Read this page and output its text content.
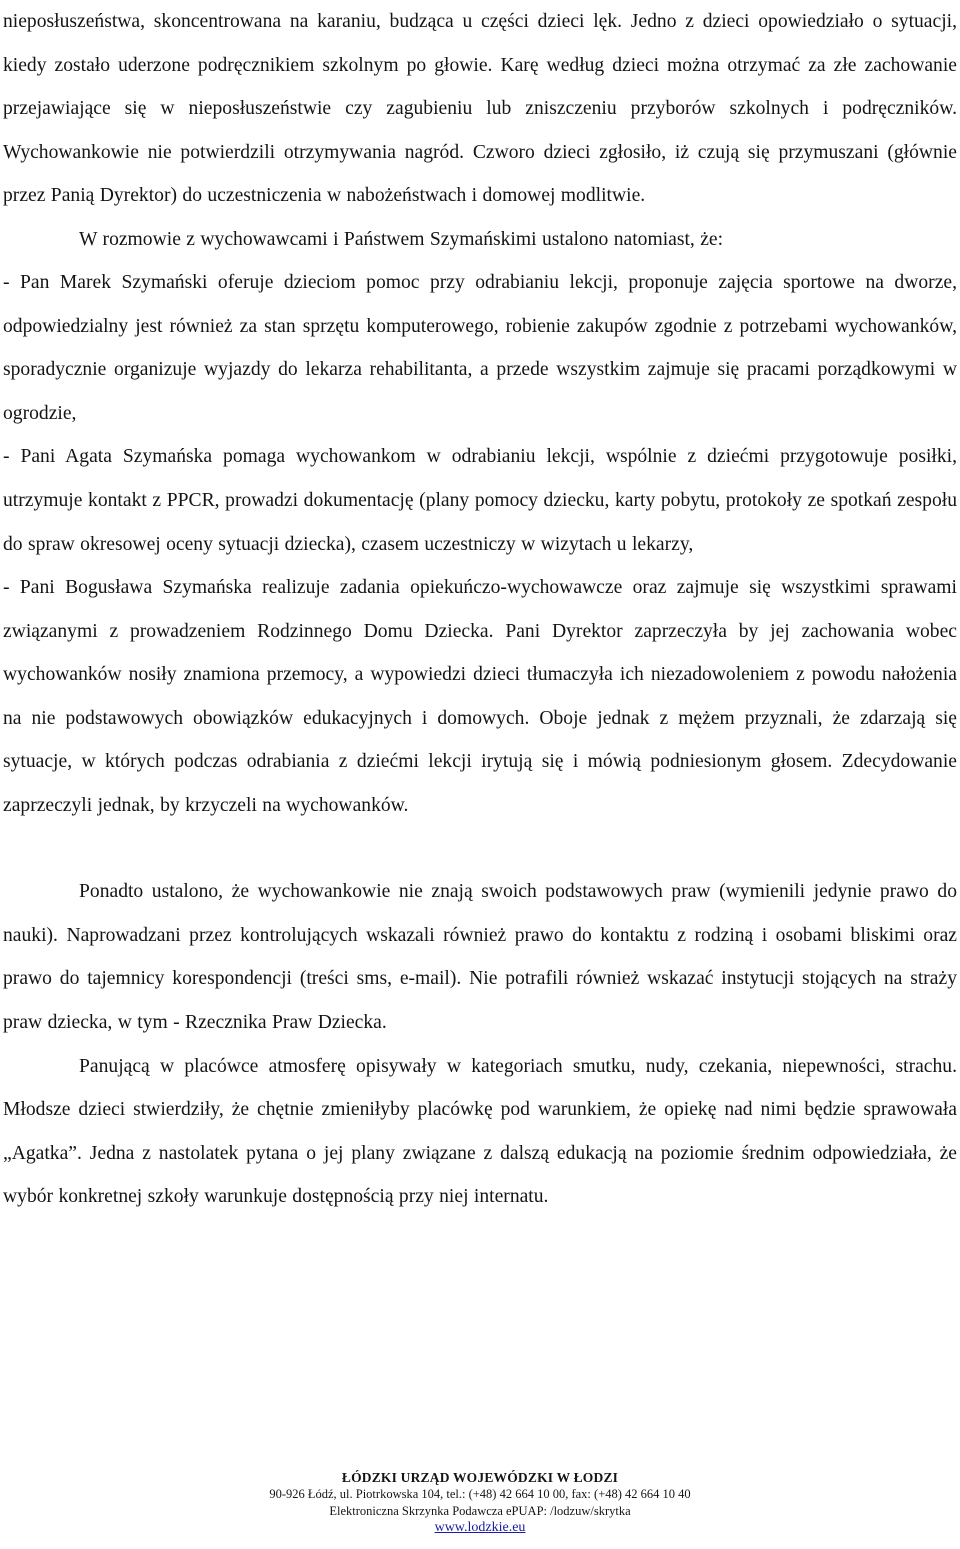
nieposłuszeństwa, skoncentrowana na karaniu, budząca u części dzieci lęk. Jedno z dzieci opowiedziało o sytuacji, kiedy zostało uderzone podręcznikiem szkolnym po głowie. Karę według dzieci można otrzymać za złe zachowanie przejawiające się w nieposłuszeństwie czy zagubieniu lub zniszczeniu przyborów szkolnych i podręczników. Wychowankowie nie potwierdzili otrzymywania nagród. Czworo dzieci zgłosiło, iż czują się przymuszani (głównie przez Panią Dyrektor) do uczestniczenia w nabożeństwach i domowej modlitwie.

W rozmowie z wychowawcami i Państwem Szymańskimi ustalono natomiast, że:

- Pan Marek Szymański oferuje dzieciom pomoc przy odrabianiu lekcji, proponuje zajęcia sportowe na dworze, odpowiedzialny jest również za stan sprzętu komputerowego, robienie zakupów zgodnie z potrzebami wychowanków, sporadycznie organizuje wyjazdy do lekarza rehabilitanta, a przede wszystkim zajmuje się pracami porządkowymi w ogrodzie,

- Pani Agata Szymańska pomaga wychowankom w odrabianiu lekcji, wspólnie z dziećmi przygotowuje posiłki, utrzymuje kontakt z PPCR, prowadzi dokumentację (plany pomocy dziecku, karty pobytu, protokoły ze spotkań zespołu do spraw okresowej oceny sytuacji dziecka), czasem uczestniczy w wizytach u lekarzy,

- Pani Bogusława Szymańska realizuje zadania opiekuńczo-wychowawcze oraz zajmuje się wszystkimi sprawami związanymi z prowadzeniem Rodzinnego Domu Dziecka. Pani Dyrektor zaprzeczyła by jej zachowania wobec wychowanków nosiły znamiona przemocy, a wypowiedzi dzieci tłumaczyła ich niezadowoleniem z powodu nałożenia na nie podstawowych obowiązków edukacyjnych i domowych. Oboje jednak z mężem przyznali, że zdarzają się sytuacje, w których podczas odrabiania z dziećmi lekcji irytują się i mówią podniesionym głosem. Zdecydowanie zaprzeczyli jednak, by krzyczeli na wychowanków.

Ponadto ustalono, że wychowankowie nie znają swoich podstawowych praw (wymienili jedynie prawo do nauki). Naprowadzani przez kontrolujących wskazali również prawo do kontaktu z rodziną i osobami bliskimi oraz prawo do tajemnicy korespondencji (treści sms, e-mail). Nie potrafili również wskazać instytucji stojących na straży praw dziecka, w tym - Rzecznika Praw Dziecka.

Panującą w placówce atmosferę opisywały w kategoriach smutku, nudy, czekania, niepewności, strachu. Młodsze dzieci stwierdziły, że chętnie zmieniłyby placówkę pod warunkiem, że opiekę nad nimi będzie sprawowała „Agatka”. Jedna z nastolatek pytana o jej plany związane z dalszą edukacją na poziomie średnim odpowiedziała, że wybór konkretnej szkoły warunkuje dostępnością przy niej internatu.

ŁÓDZKI URZĄD WOJEWÓDZKI W ŁODZI
90-926 Łódź, ul. Piotrkowska 104, tel.: (+48) 42 664 10 00, fax: (+48) 42 664 10 40
Elektroniczna Skrzynka Podawcza ePUAP: /lodzuw/skrytka
www.lodzkie.eu
